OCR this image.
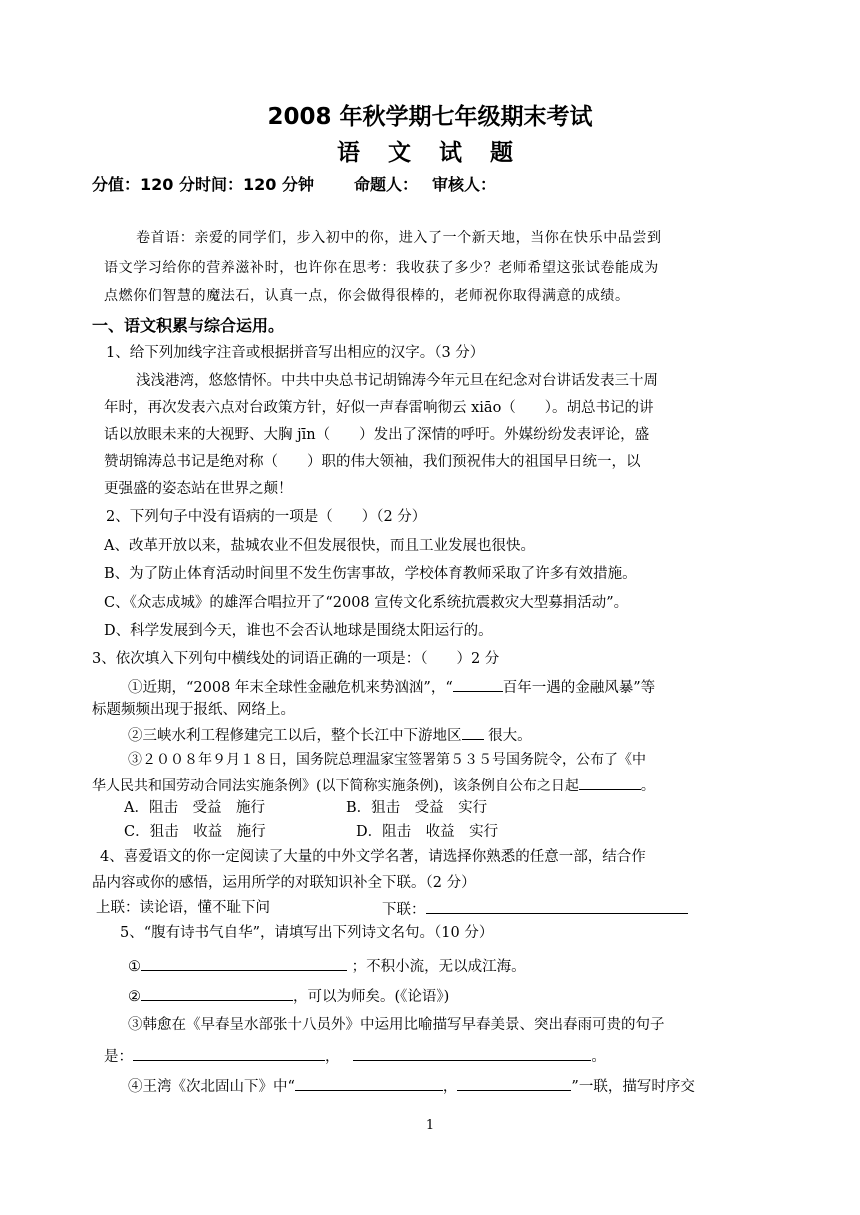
2008 年秋学期七年级期末考试
语 文 试 题
分值：120 分时间：120 分钟	命题人： 审核人：
卷首语：亲爱的同学们，步入初中的你，进入了一个新天地，当你在快乐中品尝到
语文学习给你的营养滋补时，也许你在思考：我收获了多少？老师希望这张试卷能成为
点燃你们智慧的魔法石，认真一点，你会做得很棒的，老师祝你取得满意的成绩。
一、语文积累与综合运用。
1、给下列加线字注音或根据拼音写出相应的汉字。（3 分）
浅浅港湾，悠悠情怀。中共中央总书记胡锦涛今年元旦在纪念对台讲话发表三十周
年时，再次发表六点对台政策方针，好似一声春雷响彻云 xiāo（　　）。胡总书记的讲
话以放眼未来的大视野、大胸 jīn（　　）发出了深情的呼吁。外媒纷纷发表评论，盛
赞胡锦涛总书记是绝对称（　　）职的伟大领袖，我们预祝伟大的祖国早日统一，以
更强盛的姿态站在世界之颠！
2、下列句子中没有语病的一项是（　　）（2 分）
A、改革开放以来，盐城农业不但发展很快，而且工业发展也很快。
B、为了防止体育活动时间里不发生伤害事故，学校体育教师采取了许多有效措施。
C、《众志成城》的雄浑合唱拉开了“2008 宣传文化系统抗震救灾大型募捐活动”。
D、科学发展到今天，谁也不会否认地球是围绕太阳运行的。
3、依次填入下列句中横线处的词语正确的一项是：（　　）2 分
①近期，“2008 年末全球性金融危机来势汹汹”，“	百年一遇的金融风暴”等
标题频频出现于报纸、网络上。
②三峡水利工程修建完工以后，整个长江中下游地区 很大。
③２００８年９月１８日，国务院总理温家宝签署第５３５号国务院令，公布了《中
华人民共和国劳动合同法实施条例》(以下简称实施条例)，该条例自公布之日起	。
A．阻击　受益　施行	B．狙击　受益　实行
C．狙击　收益　施行	D．阻击　收益　实行
4、喜爱语文的你一定阅读了大量的中外文学名著，请选择你熟悉的任意一部，结合作
品内容或你的感悟，运用所学的对联知识补全下联。（2 分）
上联：读论语，懂不耻下问	下联：
5、“腹有诗书气自华”，请填写出下列诗文名句。（10 分）
①	；不积小流，无以成江海。
②	，可以为师矣。(《论语》)
③韩愈在《早春呈水部张十八员外》中运用比喻描写早春美景、突出春雨可贵的句子
是：	，	。
④王湾《次北固山下》中“	，	”一联，描写时序交
1
